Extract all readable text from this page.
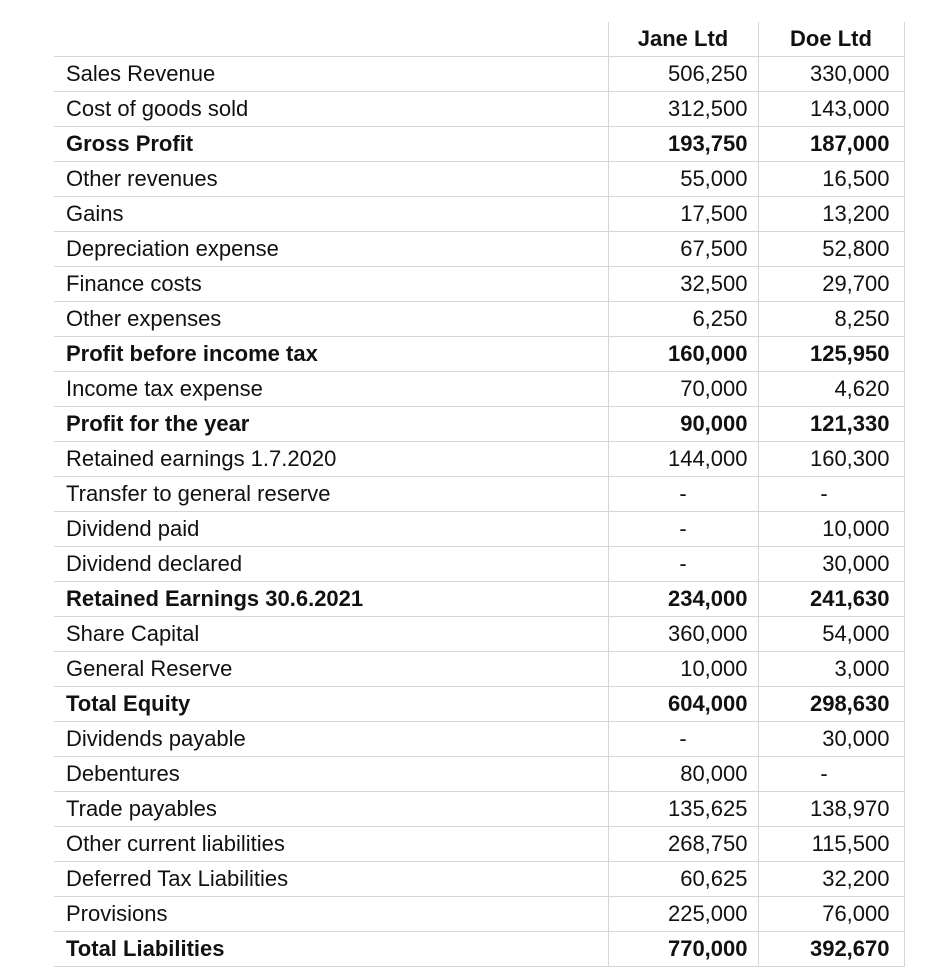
	Jane Ltd	Doe Ltd
Sales Revenue	506,250	330,000
Cost of goods sold	312,500	143,000
Gross Profit	193,750	187,000
Other revenues	55,000	16,500
Gains	17,500	13,200
Depreciation expense	67,500	52,800
Finance costs	32,500	29,700
Other expenses	6,250	8,250
Profit before income tax	160,000	125,950
Income tax expense	70,000	4,620
Profit for the year	90,000	121,330
Retained earnings 1.7.2020	144,000	160,300
Transfer to general reserve	-	-
Dividend paid	-	10,000
Dividend declared	-	30,000
Retained Earnings 30.6.2021	234,000	241,630
Share Capital	360,000	54,000
General Reserve	10,000	3,000
Total Equity	604,000	298,630
Dividends payable	-	30,000
Debentures	80,000	-
Trade payables	135,625	138,970
Other current liabilities	268,750	115,500
Deferred Tax Liabilities	60,625	32,200
Provisions	225,000	76,000
Total Liabilities	770,000	392,670
